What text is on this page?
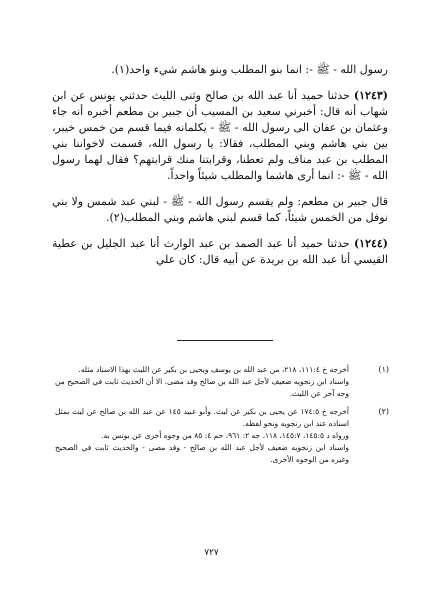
رسول الله - ﷺ -: انما بنو المطلب وبنو هاشم شيء واحد(١).

(١٢٤٣) حدثنا حميد أنا عبد الله بن صالح وثنى الليث حدثني يونس عن ابن شهاب أنه قال: أخبرني سعيد بن المسيب أن جبير بن مطعم أخبره أنه جاء وعثمان بن عفان الى رسول الله - ﷺ - يكلمانه فيما قسم من خمس خيبر، بين بني هاشم وبني المطلب، فقالا: يا رسول الله، قسمت لاخواننا بني المطلب بن عبد مناف ولم تعطنا، وقرابتنا منك قرابتهم؟ فقال لهما رسول الله - ﷺ -: انما أرى هاشما والمطلب شيئاً واحداً.

قال جبير بن مطعم: ولم يقسم رسول الله - ﷺ - لبني عبد شمس ولا بني نوفل من الخمس شيئاً، كما قسم لبني هاشم وبني المطلب(٢).

(١٢٤٤) حدثنا حميد أنا عبد الصمد بن عبد الوارث أنا عبد الجليل بن عطية القيسي أنا عبد الله بن بريدة عن أبيه قال: كان علي

(١)
أخرجه خ ١١١:٤، ٢١٨، من عبد الله بن يوسف ويحيى بن بكير عن الليث بهذا الاسناد مثله.
واسناد ابن زنجويه ضعيف لأجل عبد الله بن صالح وقد مضى. الا أن الحديث ثابت في الصحيح من وجه آخر عن الليث.
(٢)
أخرجه خ ١٧٤:٥ عن يحيى بن بكير عن ليث. وأبو عبيد ١٤٥ عن عبد الله بن صالح عن ليث بمثل اسناده عند ابن زنجويه ونحو لفظه.
ورواه د ١٤٥:٥، ١٤٥:٧، ١١٨، جه ٢: ٩٦١، حم ٤: ٨٥ من وجوه أخرى عن يونس به.
واسناد ابن زنجويه ضعيف لأجل عبد الله بن صالح - وقد مضى - والحديث ثابت في الصحيح وغيره من الوجوه الأخرى.
٧٢٧
